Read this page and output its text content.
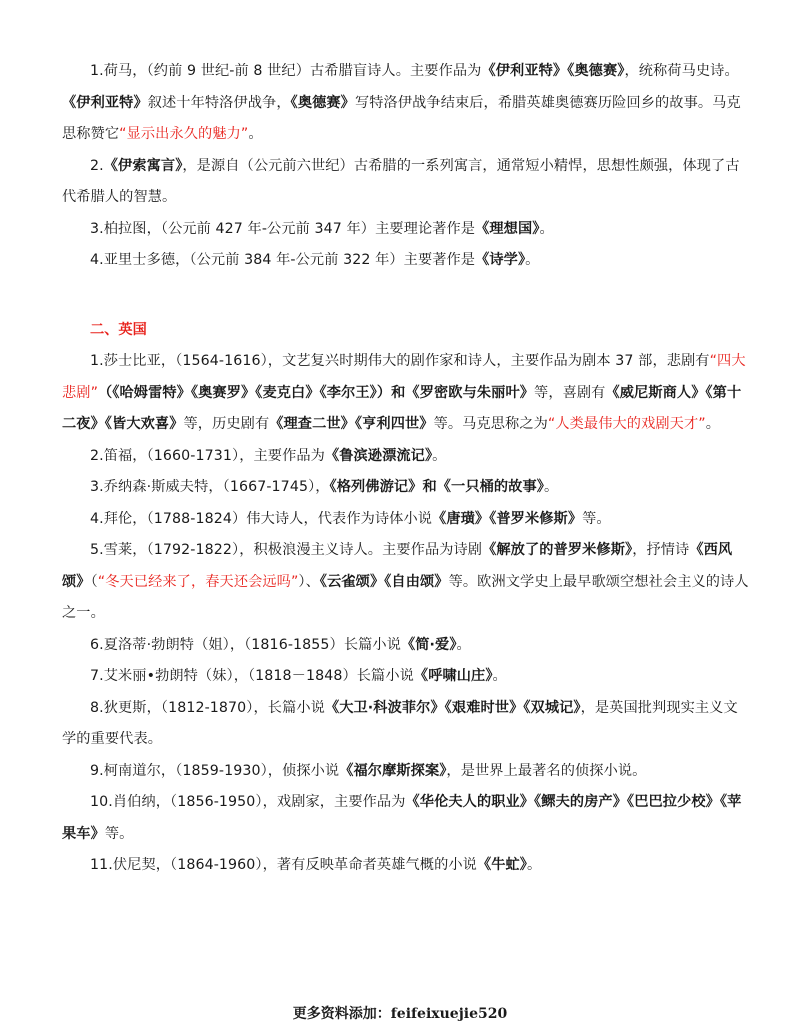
1.荷马，（约前 9 世纪-前 8 世纪）古希腊盲诗人。主要作品为《伊利亚特》《奥德赛》，统称荷马史诗。《伊利亚特》叙述十年特洛伊战争，《奥德赛》写特洛伊战争结束后，希腊英雄奥德赛历险回乡的故事。马克思称赞它“显示出永久的魅力”。

2.《伊索寓言》，是源自（公元前六世纪）古希腊的一系列寓言，通常短小精悍，思想性颇强，体现了古代希腊人的智慧。

3.柏拉图，（公元前 427 年-公元前 347 年）主要理论著作是《理想国》。

4.亚里士多德，（公元前 384 年-公元前 322 年）主要著作是《诗学》。

二、英国

1.莎士比亚，（1564-1616），文艺复兴时期伟大的剧作家和诗人，主要作品为剧本 37 部，悲剧有“四大悲剧”（《哈姆雷特》《奥赛罗》《麦克白》《李尔王》）和《罗密欧与朱丽叶》等，喜剧有《威尼斯商人》《第十二夜》《皆大欢喜》等，历史剧有《理查二世》《亨利四世》等。马克思称之为“人类最伟大的戏剧天才”。

2.笛福，（1660-1731），主要作品为《鲁滨逊漂流记》。

3.乔纳森·斯威夫特，（1667-1745），《格列佛游记》和《一只桶的故事》。

4.拜伦，（1788-1824）伟大诗人，代表作为诗体小说《唐璜》《普罗米修斯》等。

5.雪莱，（1792-1822），积极浪漫主义诗人。主要作品为诗剧《解放了的普罗米修斯》，抒情诗《西风颂》（“冬天已经来了，春天还会远吗”）、《云雀颂》《自由颂》等。欧洲文学史上最早歌颂空想社会主义的诗人之一。

6.夏洛蒂·勃朗特（姐），（1816-1855）长篇小说《简·爱》。

7.艾米丽•勃朗特（妹），（1818－1848）长篇小说《呼啸山庄》。

8.狄更斯，（1812-1870），长篇小说《大卫·科波菲尔》《艰难时世》《双城记》，是英国批判现实主义文学的重要代表。

9.柯南道尔，（1859-1930），侦探小说《福尔摩斯探案》，是世界上最著名的侦探小说。

10.肖伯纳，（1856-1950），戏剧家，主要作品为《华伦夫人的职业》《鳏夫的房产》《巴巴拉少校》《苹果车》等。

11.伏尼契，（1864-1960），著有反映革命者英雄气概的小说《牛虻》。

更多资料添加：feifeixuejie520
